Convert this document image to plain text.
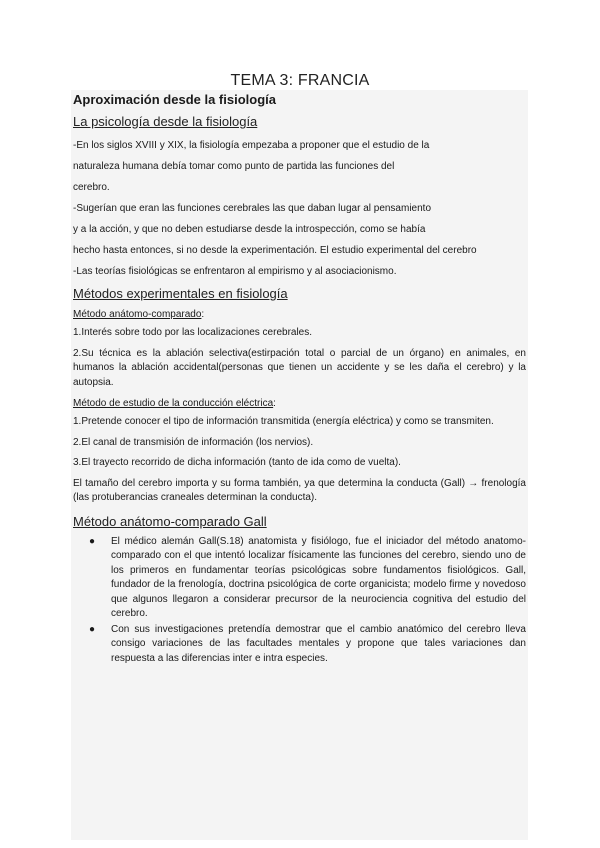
TEMA 3: FRANCIA
Aproximación desde la fisiología
La psicología desde la fisiología
-En los siglos XVIII y XIX, la fisiología empezaba a proponer que el estudio de la
naturaleza humana debía tomar como punto de partida las funciones del
cerebro.
-Sugerían que eran las funciones cerebrales las que daban lugar al pensamiento
y a la acción, y que no deben estudiarse desde la introspección, como se había
hecho hasta entonces, si no desde la experimentación. El estudio experimental del cerebro
-Las teorías fisiológicas se enfrentaron al empirismo y al asociacionismo.
Métodos experimentales en fisiología
Método anátomo-comparado:
1.Interés sobre todo por las localizaciones cerebrales.
2.Su técnica es la ablación selectiva(estirpación total o parcial de un órgano) en animales, en humanos la ablación accidental(personas que tienen un accidente y se les daña el cerebro) y la autopsia.
Método de estudio de la conducción eléctrica:
1.Pretende conocer el tipo de información transmitida (energía eléctrica) y como se transmiten.
2.El canal de transmisión de información (los nervios).
3.El trayecto recorrido de dicha información (tanto de ida como de vuelta).
El tamaño del cerebro importa y su forma también, ya que determina la conducta (Gall) → frenología (las protuberancias craneales determinan la conducta).
Método anátomo-comparado Gall
● El médico alemán Gall(S.18) anatomista y fisiólogo, fue el iniciador del método anatomo-comparado con el que intentó localizar físicamente las funciones del cerebro, siendo uno de los primeros en fundamentar teorías psicológicas sobre fundamentos fisiológicos. Gall, fundador de la frenología, doctrina psicológica de corte organicista; modelo firme y novedoso que algunos llegaron a considerar precursor de la neurociencia cognitiva del estudio del cerebro.
● Con sus investigaciones pretendía demostrar que el cambio anatómico del cerebro lleva consigo variaciones de las facultades mentales y propone que tales variaciones dan respuesta a las diferencias inter e intra especies.
